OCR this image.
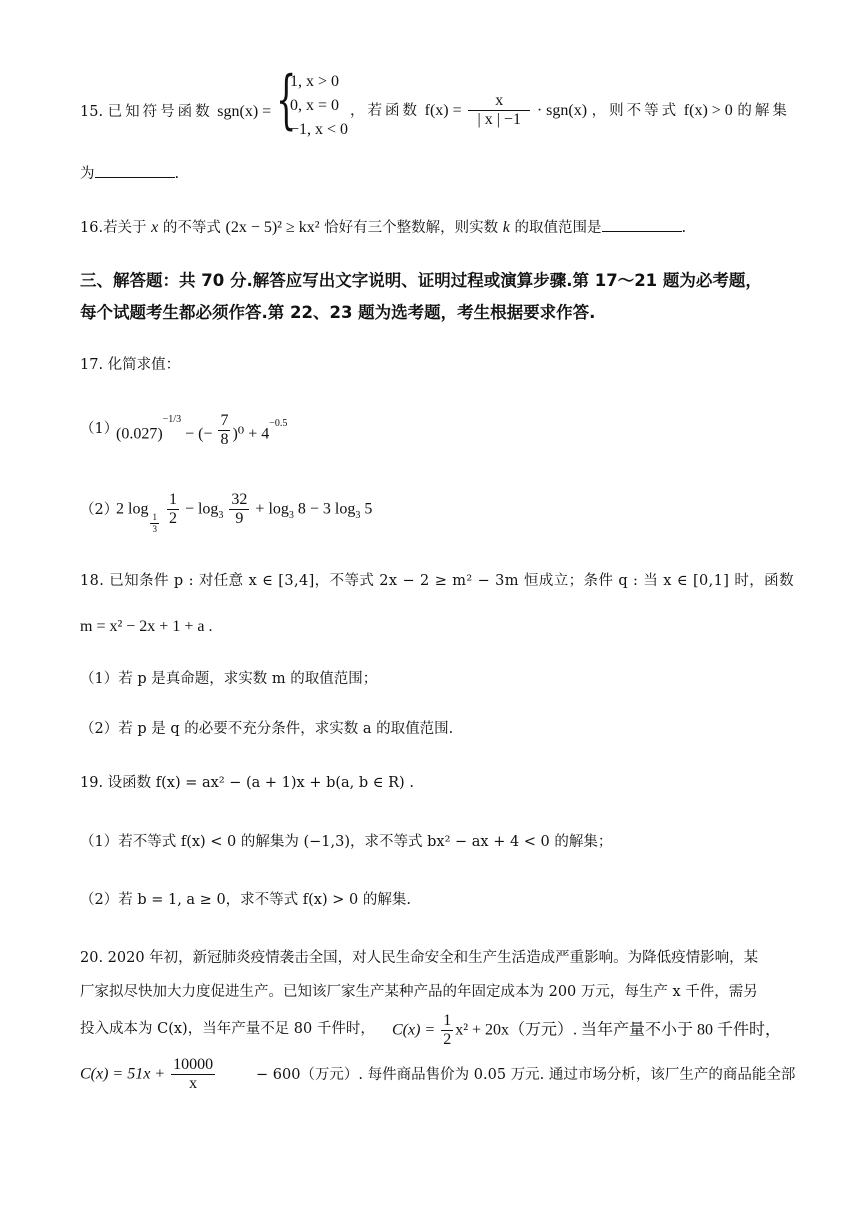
15. 已知符号函数 sgn(x) = {
1, x > 0
0, x = 0
−1, x < 0
，若函数 $f(x) = \frac{x}{| x | -1} \cdot sgn(x)$ ，则不等式 f(x) > 0 的解集
为	.
16.若关于 x 的不等式 (2x − 5)² ≥ kx² 恰好有三个整数解，则实数 k 的取值范围是	.
三、解答题：共 70 分.解答应写出文字说明、证明过程或演算步骤.第 17～21 题为必考题，
每个试题考生都必须作答.第 22、23 题为选考题，考生根据要求作答.
17. 化简求值：
（1）
$(0.027)^{-1/3}$ − (− $\frac{7}{8} )^0 + 4^{-0.5}$
（2）
2 log
$\frac{1}{3}$
$\frac{1}{2} - \log_3 \frac{32}{9} + \log_3 8 - 3$ $\log_3 5$
18. 已知条件 p : 对任意 x ∈ [3,4]，不等式 2x − 2 ≥ m² − 3m 恒成立；条件 q : 当 x ∈ [0,1] 时，函数
m = x² − 2x + 1 + a .
（1）若 p 是真命题，求实数 m 的取值范围；
（2）若 p 是 q 的必要不充分条件，求实数 a 的取值范围.
19. 设函数 f(x) = ax² − (a + 1)x + b(a, b ∈ R) .
（1）若不等式 f(x) < 0 的解集为 (−1,3)，求不等式 bx² − ax + 4 < 0 的解集；
（2）若 b = 1, a ≥ 0，求不等式 f(x) > 0 的解集.
20. 2020 年初，新冠肺炎疫情袭击全国，对人民生命安全和生产生活造成严重影响。为降低疫情影响，某
厂家拟尽快加大力度促进生产。已知该厂家生产某种产品的年固定成本为 200 万元，每生产 x 千件，需另
投入成本为 C(x)，当年产量不足 80 千件时， $C(x) = \frac{1}{2} x^2 + 20x$（万元）. 当年产量不小于 80 千件时，
$C(x) = 51x + \frac{10000}{x}$	− 600（万元）. 每件商品售价为 0.05 万元. 通过市场分析，该厂生产的商品能全部
